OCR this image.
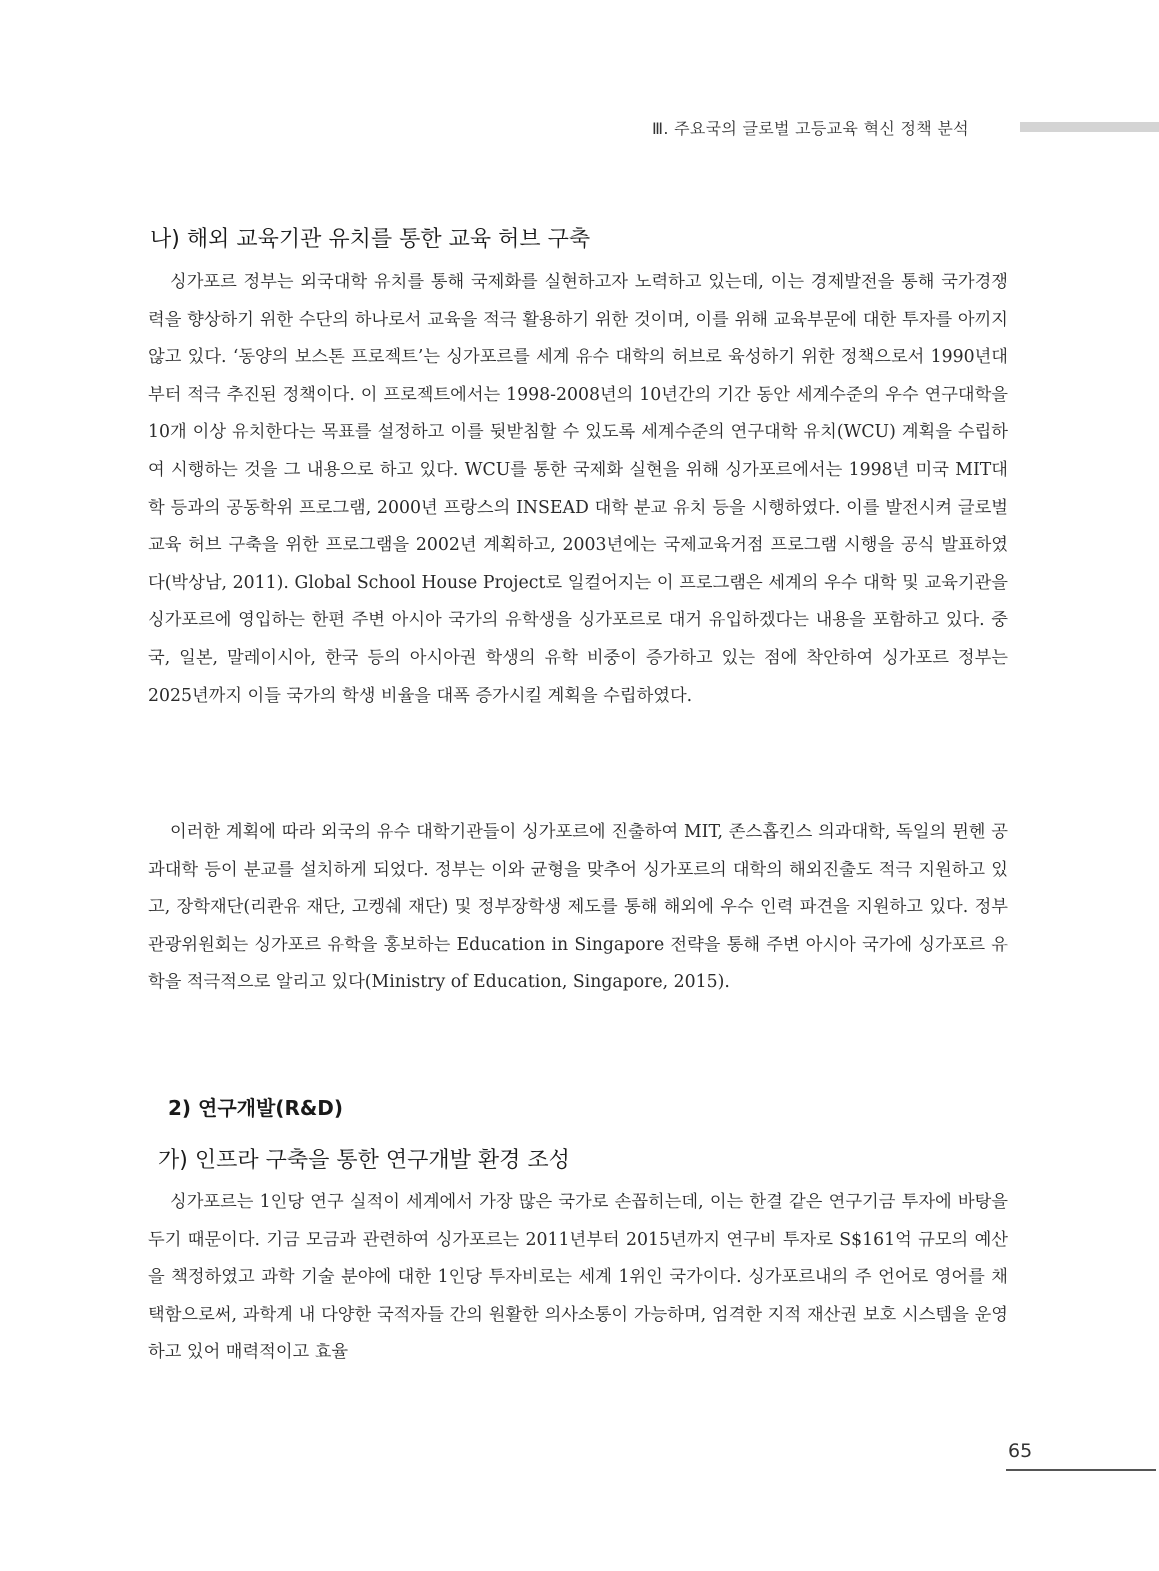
Ⅲ. 주요국의 글로벌 고등교육 혁신 정책 분석
나) 해외 교육기관 유치를 통한 교육 허브 구축

싱가포르 정부는 외국대학 유치를 통해 국제화를 실현하고자 노력하고 있는데, 이는 경제발전을 통해 국가경쟁력을 향상하기 위한 수단의 하나로서 교육을 적극 활용하기 위한 것이며, 이를 위해 교육부문에 대한 투자를 아끼지 않고 있다. ‘동양의 보스톤 프로젝트’는 싱가포르를 세계 유수 대학의 허브로 육성하기 위한 정책으로서 1990년대부터 적극 추진된 정책이다. 이 프로젝트에서는 1998-2008년의 10년간의 기간 동안 세계수준의 우수 연구대학을 10개 이상 유치한다는 목표를 설정하고 이를 뒷받침할 수 있도록 세계수준의 연구대학 유치(WCU) 계획을 수립하여 시행하는 것을 그 내용으로 하고 있다. WCU를 통한 국제화 실현을 위해 싱가포르에서는 1998년 미국 MIT대학 등과의 공동학위 프로그램, 2000년 프랑스의 INSEAD 대학 분교 유치 등을 시행하였다. 이를 발전시켜 글로벌 교육 허브 구축을 위한 프로그램을 2002년 계획하고, 2003년에는 국제교육거점 프로그램 시행을 공식 발표하였다(박상남, 2011). Global School House Project로 일컬어지는 이 프로그램은 세계의 우수 대학 및 교육기관을 싱가포르에 영입하는 한편 주변 아시아 국가의 유학생을 싱가포르로 대거 유입하겠다는 내용을 포함하고 있다. 중국, 일본, 말레이시아, 한국 등의 아시아권 학생의 유학 비중이 증가하고 있는 점에 착안하여 싱가포르 정부는 2025년까지 이들 국가의 학생 비율을 대폭 증가시킬 계획을 수립하였다.

이러한 계획에 따라 외국의 유수 대학기관들이 싱가포르에 진출하여 MIT, 존스홉킨스 의과대학, 독일의 뮌헨 공과대학 등이 분교를 설치하게 되었다. 정부는 이와 균형을 맞추어 싱가포르의 대학의 해외진출도 적극 지원하고 있고, 장학재단(리콴유 재단, 고켕쉐 재단) 및 정부장학생 제도를 통해 해외에 우수 인력 파견을 지원하고 있다. 정부 관광위원회는 싱가포르 유학을 홍보하는 Education in Singapore 전략을 통해 주변 아시아 국가에 싱가포르 유학을 적극적으로 알리고 있다(Ministry of Education, Singapore, 2015).

2) 연구개발(R&D)
가) 인프라 구축을 통한 연구개발 환경 조성

싱가포르는 1인당 연구 실적이 세계에서 가장 많은 국가로 손꼽히는데, 이는 한결 같은 연구기금 투자에 바탕을 두기 때문이다. 기금 모금과 관련하여 싱가포르는 2011년부터 2015년까지 연구비 투자로 S$161억 규모의 예산을 책정하였고 과학 기술 분야에 대한 1인당 투자비로는 세계 1위인 국가이다. 싱가포르내의 주 언어로 영어를 채택함으로써, 과학계 내 다양한 국적자들 간의 원활한 의사소통이 가능하며, 엄격한 지적 재산권 보호 시스템을 운영하고 있어 매력적이고 효율

65
